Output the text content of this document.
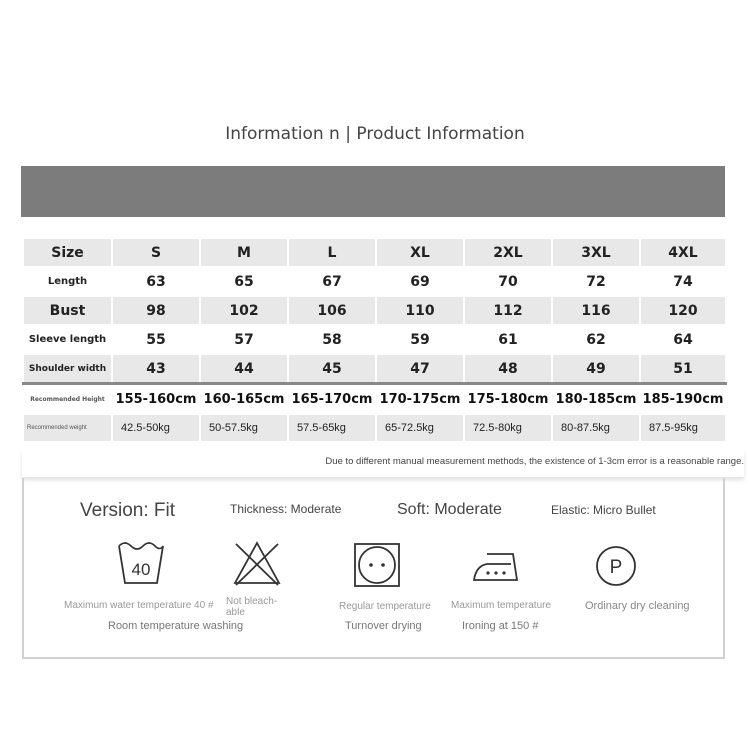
Information n | Product Information
Size	S	M	L	XL	2XL	3XL	4XL
Length	63	65	67	69	70	72	74
Bust	98	102	106	110	112	116	120
Sleeve length	55	57	58	59	61	62	64
Shoulder width	43	44	45	47	48	49	51
Recommended Height	155-160cm	160-165cm	165-170cm	170-175cm	175-180cm	180-185cm	185-190cm
Recommended weight	42.5-50kg	50-57.5kg	57.5-65kg	65-72.5kg	72.5-80kg	80-87.5kg	87.5-95kg
Due to different manual measurement methods, the existence of 1-3cm error is a reasonable range.
Version: Fit	Thickness: Moderate	Soft: Moderate	Elastic: Micro Bullet
40	P
Maximum water temperature 40 #
Room temperature washing
Not bleach-
able
Regular temperature
Turnover drying
Maximum temperature
Ironing at 150 #
Ordinary dry cleaning
